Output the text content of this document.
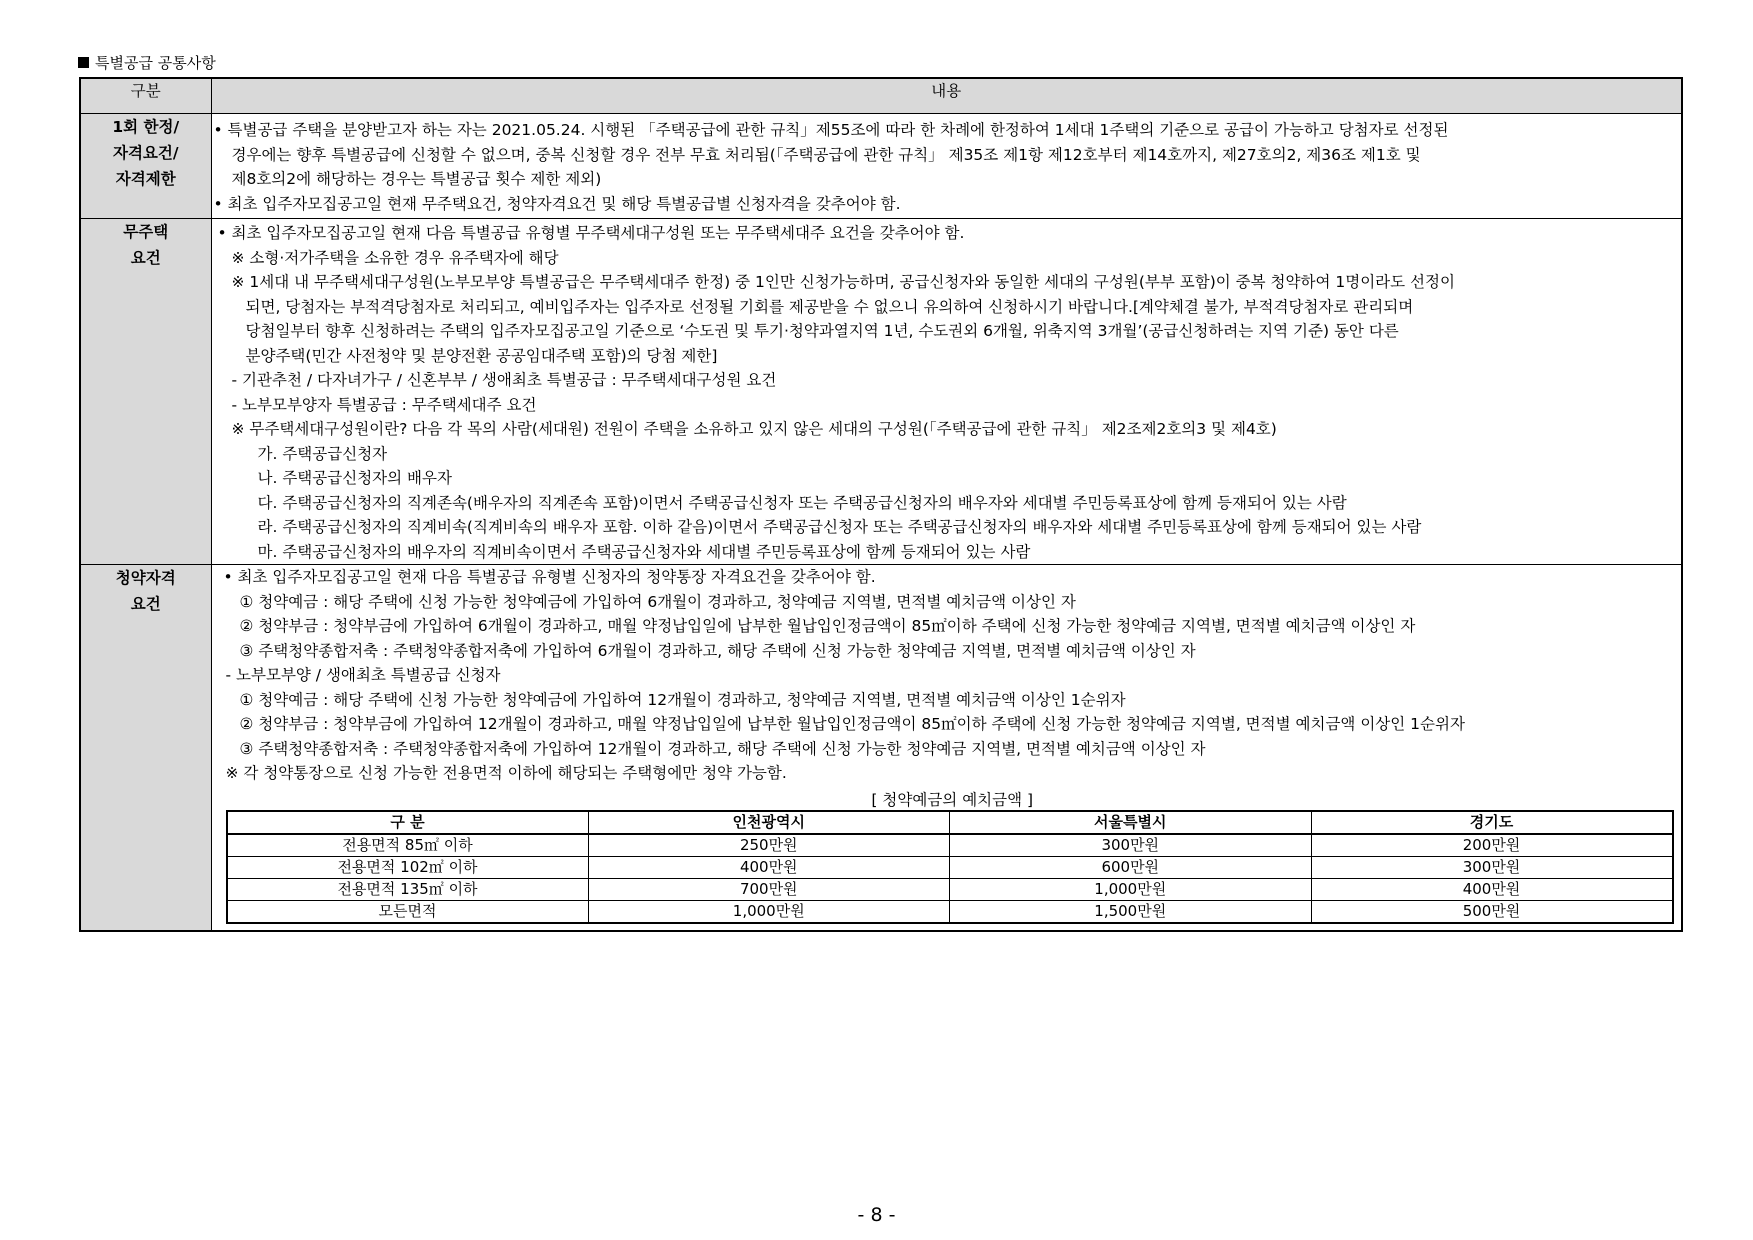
특별공급 공통사항
구분	내용

1회 한정/
자격요건/
자격제한

• 특별공급 주택을 분양받고자 하는 자는 2021.05.24. 시행된 「주택공급에 관한 규칙」제55조에 따라 한 차례에 한정하여 1세대 1주택의 기준으로 공급이 가능하고 당첨자로 선정된
경우에는 향후 특별공급에 신청할 수 없으며, 중복 신청할 경우 전부 무효 처리됨(「주택공급에 관한 규칙」 제35조 제1항 제12호부터 제14호까지, 제27호의2, 제36조 제1호 및
제8호의2에 해당하는 경우는 특별공급 횟수 제한 제외)
• 최초 입주자모집공고일 현재 무주택요건, 청약자격요건 및 해당 특별공급별 신청자격을 갖추어야 함.

무주택
요건

• 최초 입주자모집공고일 현재 다음 특별공급 유형별 무주택세대구성원 또는 무주택세대주 요건을 갖추어야 함.
※ 소형·저가주택을 소유한 경우 유주택자에 해당
※ 1세대 내 무주택세대구성원(노부모부양 특별공급은 무주택세대주 한정) 중 1인만 신청가능하며, 공급신청자와 동일한 세대의 구성원(부부 포함)이 중복 청약하여 1명이라도 선정이
되면, 당첨자는 부적격당첨자로 처리되고, 예비입주자는 입주자로 선정될 기회를 제공받을 수 없으니 유의하여 신청하시기 바랍니다.[계약체결 불가, 부적격당첨자로 관리되며
당첨일부터 향후 신청하려는 주택의 입주자모집공고일 기준으로 ‘수도권 및 투기·청약과열지역 1년, 수도권외 6개월, 위축지역 3개월’(공급신청하려는 지역 기준) 동안 다른
분양주택(민간 사전청약 및 분양전환 공공임대주택 포함)의 당첨 제한]
- 기관추천 / 다자녀가구 / 신혼부부 / 생애최초 특별공급 : 무주택세대구성원 요건
- 노부모부양자 특별공급 : 무주택세대주 요건
※ 무주택세대구성원이란? 다음 각 목의 사람(세대원) 전원이 주택을 소유하고 있지 않은 세대의 구성원(「주택공급에 관한 규칙」 제2조제2호의3 및 제4호)
가. 주택공급신청자
나. 주택공급신청자의 배우자
다. 주택공급신청자의 직계존속(배우자의 직계존속 포함)이면서 주택공급신청자 또는 주택공급신청자의 배우자와 세대별 주민등록표상에 함께 등재되어 있는 사람
라. 주택공급신청자의 직계비속(직계비속의 배우자 포함. 이하 같음)이면서 주택공급신청자 또는 주택공급신청자의 배우자와 세대별 주민등록표상에 함께 등재되어 있는 사람
마. 주택공급신청자의 배우자의 직계비속이면서 주택공급신청자와 세대별 주민등록표상에 함께 등재되어 있는 사람

청약자격
요건

• 최초 입주자모집공고일 현재 다음 특별공급 유형별 신청자의 청약통장 자격요건을 갖추어야 함.
① 청약예금 : 해당 주택에 신청 가능한 청약예금에 가입하여 6개월이 경과하고, 청약예금 지역별, 면적별 예치금액 이상인 자
② 청약부금 : 청약부금에 가입하여 6개월이 경과하고, 매월 약정납입일에 납부한 월납입인정금액이 85㎡이하 주택에 신청 가능한 청약예금 지역별, 면적별 예치금액 이상인 자
③ 주택청약종합저축 : 주택청약종합저축에 가입하여 6개월이 경과하고, 해당 주택에 신청 가능한 청약예금 지역별, 면적별 예치금액 이상인 자
- 노부모부양 / 생애최초 특별공급 신청자
① 청약예금 : 해당 주택에 신청 가능한 청약예금에 가입하여 12개월이 경과하고, 청약예금 지역별, 면적별 예치금액 이상인 1순위자
② 청약부금 : 청약부금에 가입하여 12개월이 경과하고, 매월 약정납입일에 납부한 월납입인정금액이 85㎡이하 주택에 신청 가능한 청약예금 지역별, 면적별 예치금액 이상인 1순위자
③ 주택청약종합저축 : 주택청약종합저축에 가입하여 12개월이 경과하고, 해당 주택에 신청 가능한 청약예금 지역별, 면적별 예치금액 이상인 자
※ 각 청약통장으로 신청 가능한 전용면적 이하에 해당되는 주택형에만 청약 가능함.
[ 청약예금의 예치금액 ]
구 분	인천광역시	서울특별시	경기도
전용면적 85㎡ 이하	250만원	300만원	200만원
전용면적 102㎡ 이하	400만원	600만원	300만원
전용면적 135㎡ 이하	700만원	1,000만원	400만원
모든면적	1,000만원	1,500만원	500만원
- 8 -
